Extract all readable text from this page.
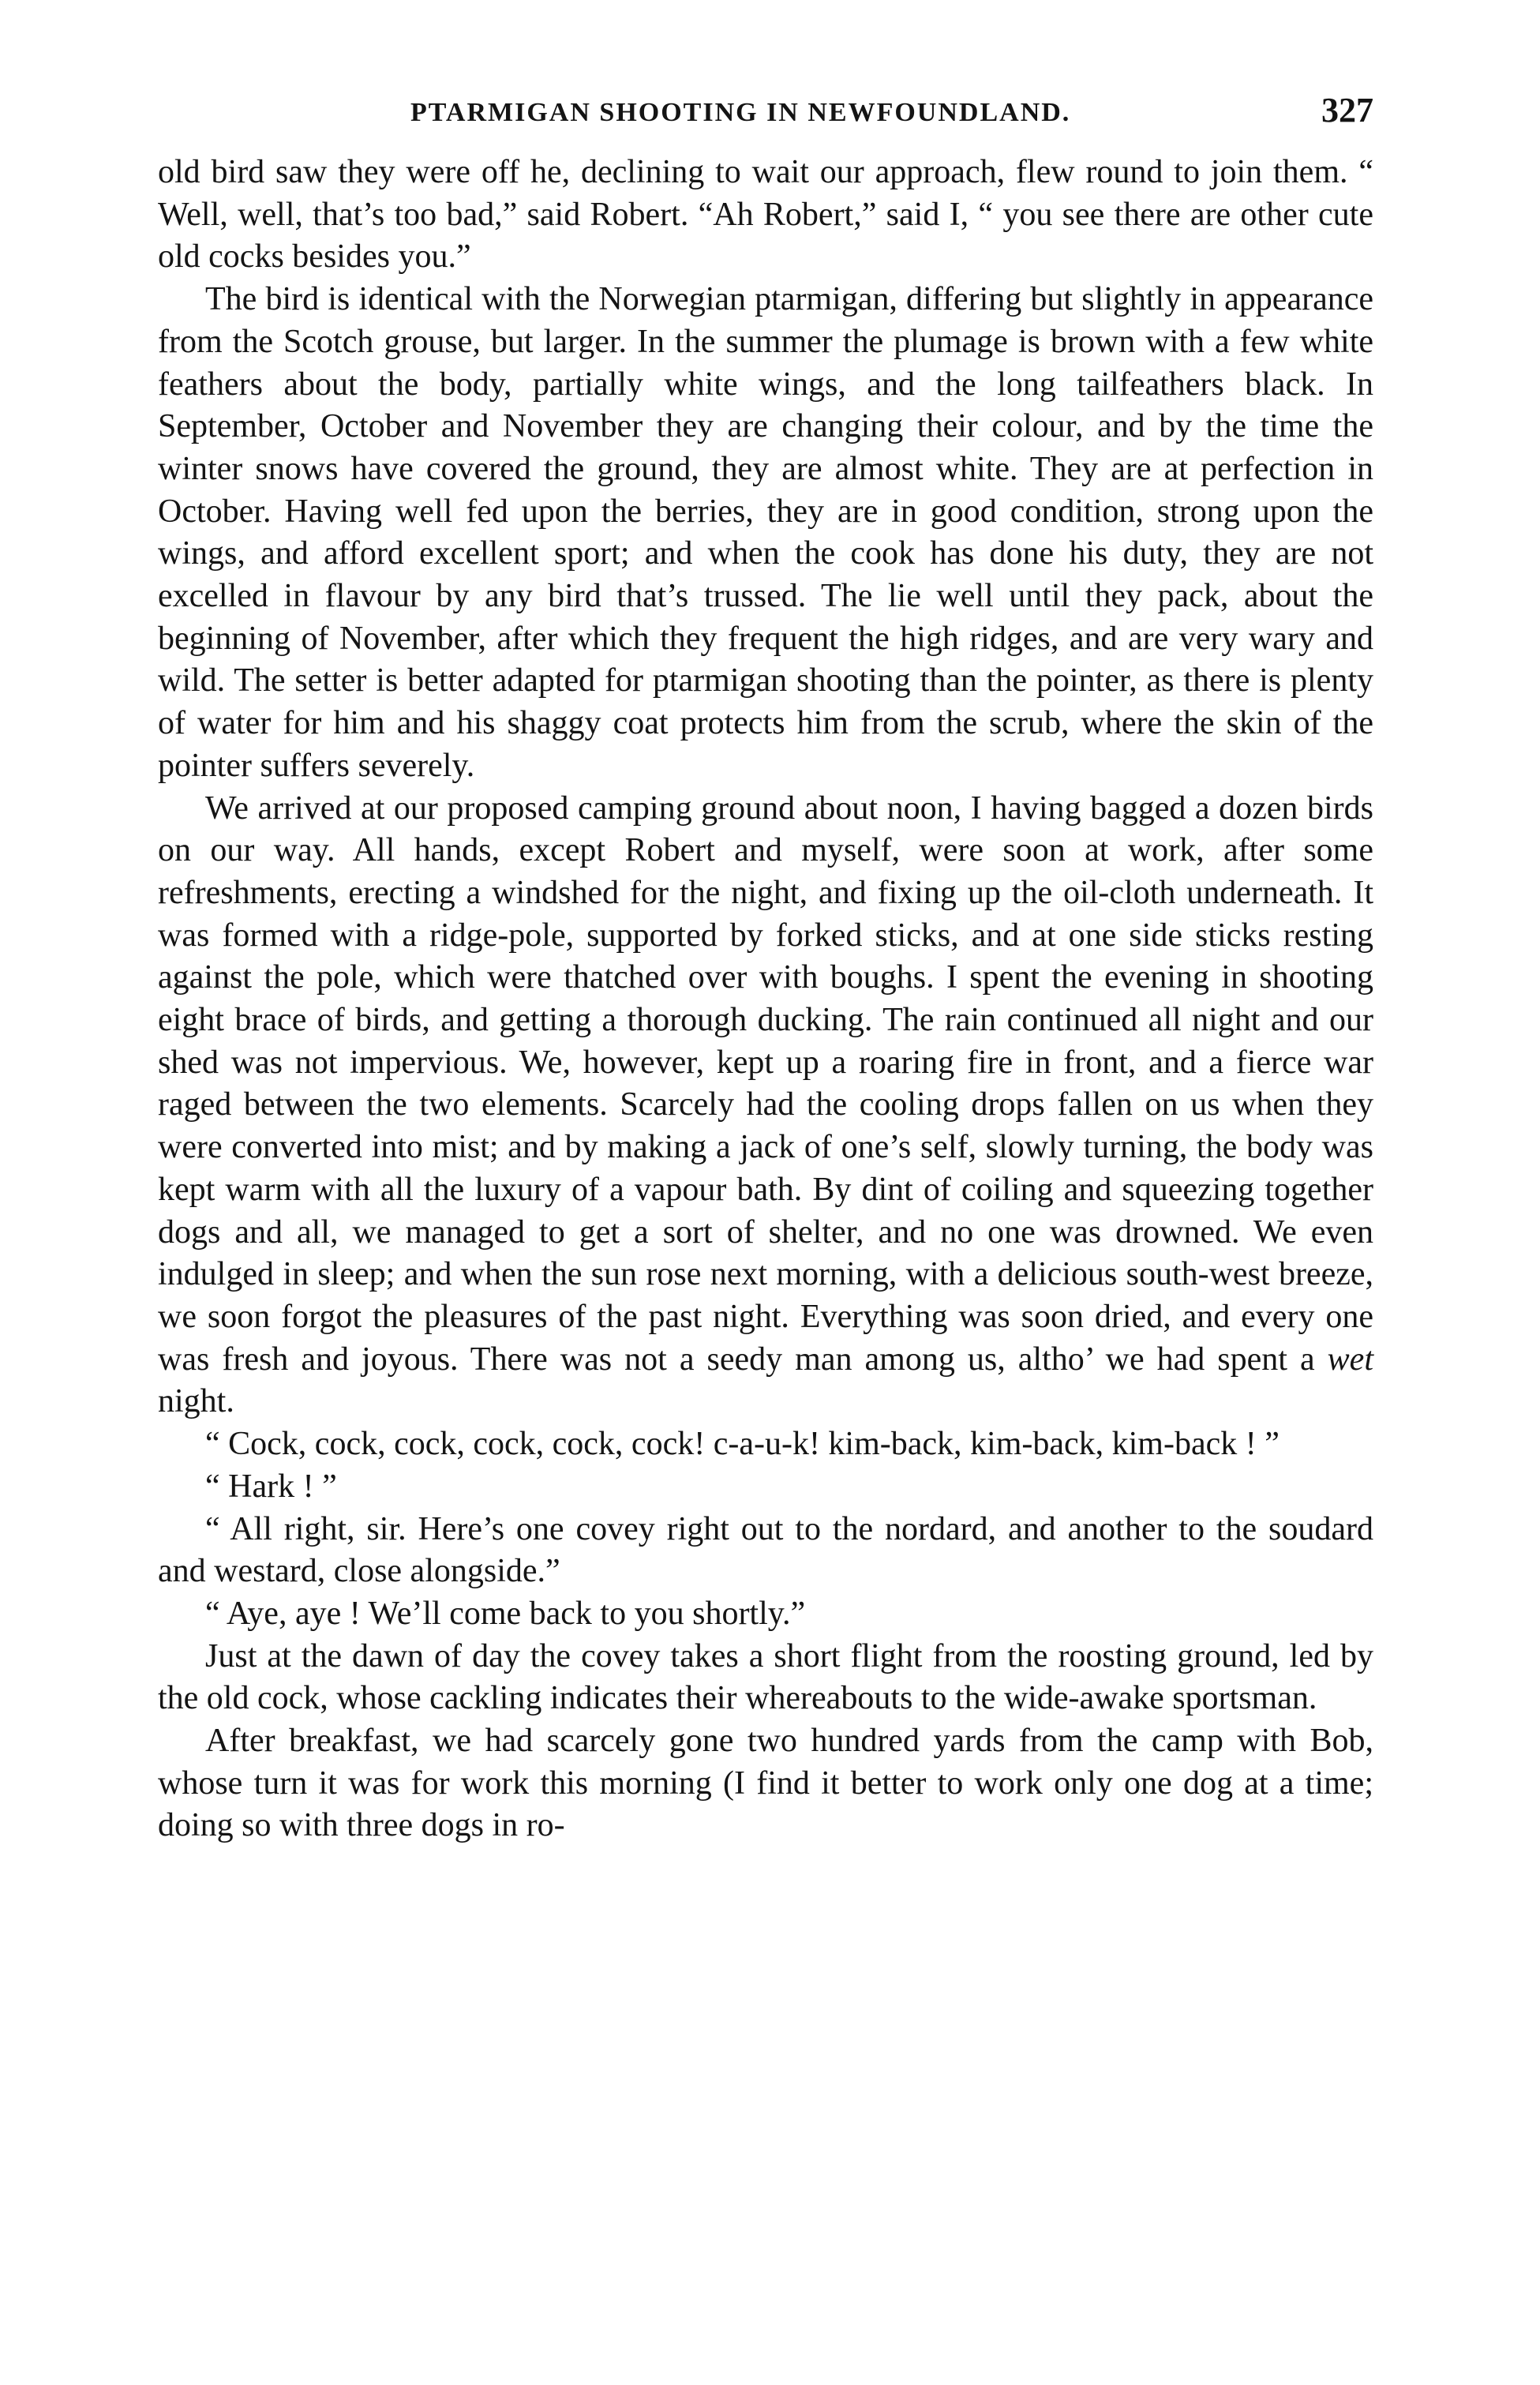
PTARMIGAN SHOOTING IN NEWFOUNDLAND.	327

old bird saw they were off he, declining to wait our approach, flew round to join them. “ Well, well, that’s too bad,” said Robert. “Ah Robert,” said I, “ you see there are other cute old cocks besides you.”

The bird is identical with the Norwegian ptarmigan, differing but slightly in appearance from the Scotch grouse, but larger. In the summer the plumage is brown with a few white feathers about the body, partially white wings, and the long tailfeathers black. In September, October and November they are changing their colour, and by the time the winter snows have covered the ground, they are almost white. They are at perfection in October. Having well fed upon the berries, they are in good condition, strong upon the wings, and afford excellent sport; and when the cook has done his duty, they are not excelled in flavour by any bird that’s trussed. The lie well until they pack, about the beginning of November, after which they frequent the high ridges, and are very wary and wild. The setter is better adapted for ptarmigan shooting than the pointer, as there is plenty of water for him and his shaggy coat protects him from the scrub, where the skin of the pointer suffers severely.

We arrived at our proposed camping ground about noon, I having bagged a dozen birds on our way. All hands, except Robert and myself, were soon at work, after some refreshments, erecting a windshed for the night, and fixing up the oil-cloth underneath. It was formed with a ridge-pole, supported by forked sticks, and at one side sticks resting against the pole, which were thatched over with boughs. I spent the evening in shooting eight brace of birds, and getting a thorough ducking. The rain continued all night and our shed was not impervious. We, however, kept up a roaring fire in front, and a fierce war raged between the two elements. Scarcely had the cooling drops fallen on us when they were converted into mist; and by making a jack of one’s self, slowly turning, the body was kept warm with all the luxury of a vapour bath. By dint of coiling and squeezing together dogs and all, we managed to get a sort of shelter, and no one was drowned. We even indulged in sleep; and when the sun rose next morning, with a delicious south-west breeze, we soon forgot the pleasures of the past night. Everything was soon dried, and every one was fresh and joyous. There was not a seedy man among us, altho’ we had spent a wet night.

“ Cock, cock, cock, cock, cock, cock! c-a-u-k! kim-back, kim-back, kim-back ! ”

“ Hark ! ”

“ All right, sir. Here’s one covey right out to the nordard, and another to the soudard and westard, close alongside.”

“ Aye, aye ! We’ll come back to you shortly.”

Just at the dawn of day the covey takes a short flight from the roosting ground, led by the old cock, whose cackling indicates their whereabouts to the wide-awake sportsman.

After breakfast, we had scarcely gone two hundred yards from the camp with Bob, whose turn it was for work this morning (I find it better to work only one dog at a time; doing so with three dogs in ro-
